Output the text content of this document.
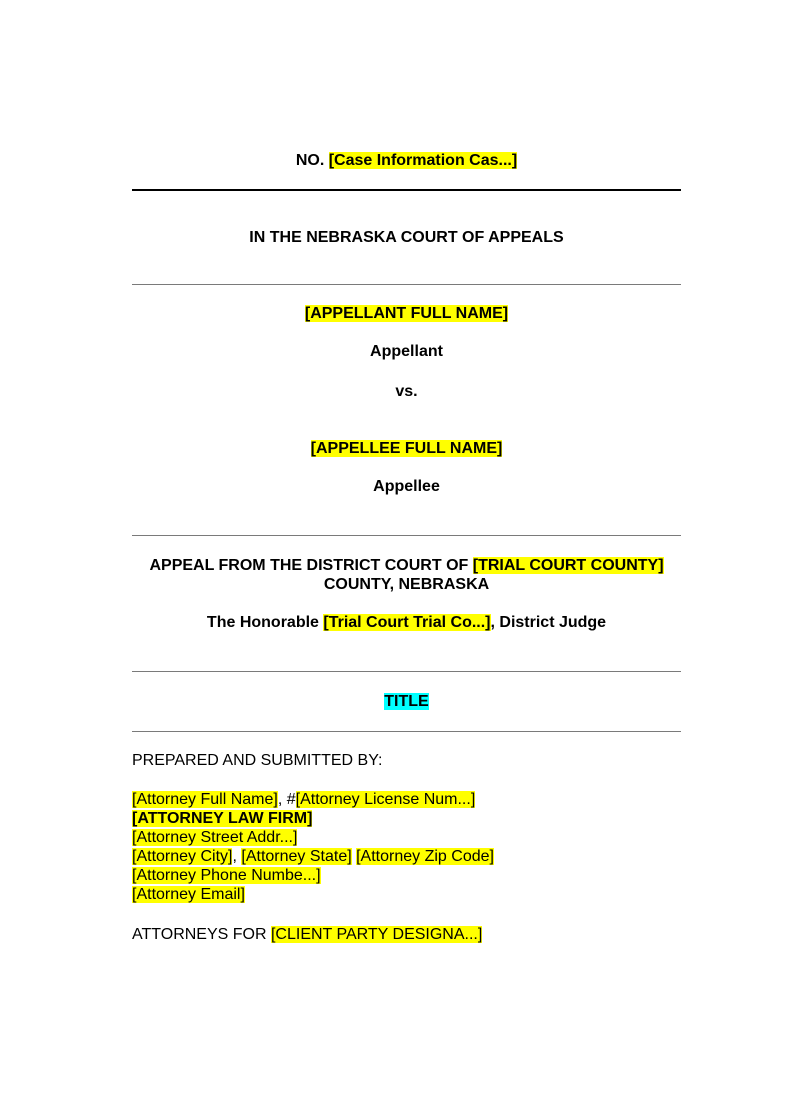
NO. [Case Information Cas...]
IN THE NEBRASKA COURT OF APPEALS
[APPELLANT FULL NAME]
Appellant
vs.
[APPELLEE FULL NAME]
Appellee
APPEAL FROM THE DISTRICT COURT OF [TRIAL COURT COUNTY]
COUNTY, NEBRASKA
The Honorable [Trial Court Trial Co...], District Judge
TITLE
PREPARED AND SUBMITTED BY:
[Attorney Full Name], #[Attorney License Num...]
[ATTORNEY LAW FIRM]
[Attorney Street Addr...]
[Attorney City], [Attorney State] [Attorney Zip Code]
[Attorney Phone Numbe...]
[Attorney Email]
ATTORNEYS FOR [CLIENT PARTY DESIGNA...]
